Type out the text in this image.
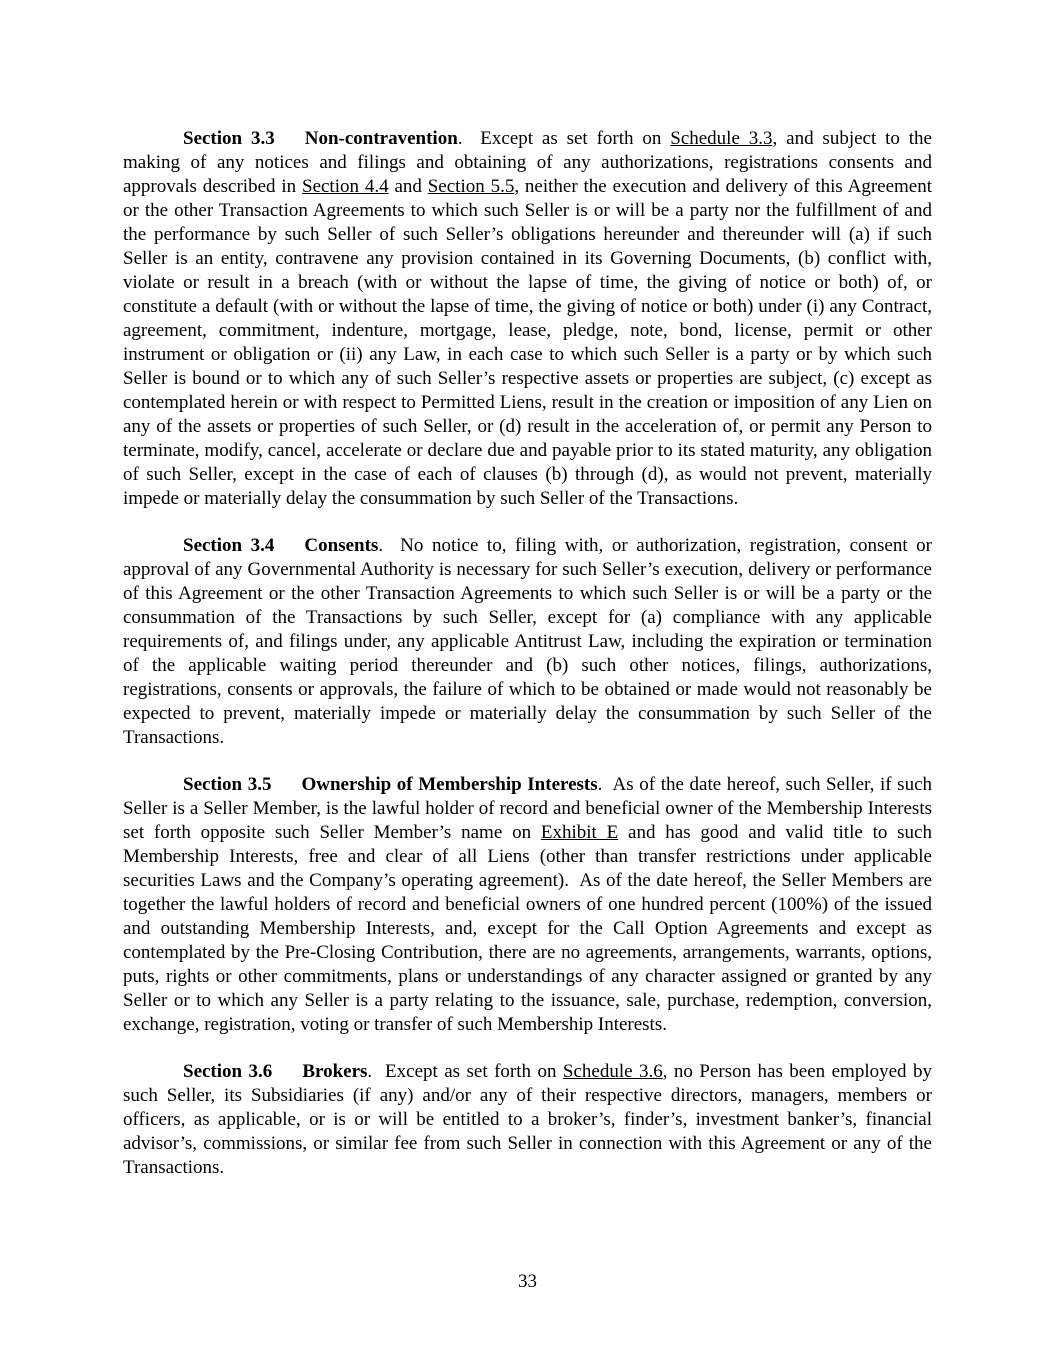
Section 3.3 Non-contravention.  Except as set forth on Schedule 3.3, and subject to the making of any notices and filings and obtaining of any authorizations, registrations consents and approvals described in Section 4.4 and Section 5.5, neither the execution and delivery of this Agreement or the other Transaction Agreements to which such Seller is or will be a party nor the fulfillment of and the performance by such Seller of such Seller’s obligations hereunder and thereunder will (a) if such Seller is an entity, contravene any provision contained in its Governing Documents, (b) conflict with, violate or result in a breach (with or without the lapse of time, the giving of notice or both) of, or constitute a default (with or without the lapse of time, the giving of notice or both) under (i) any Contract, agreement, commitment, indenture, mortgage, lease, pledge, note, bond, license, permit or other instrument or obligation or (ii) any Law, in each case to which such Seller is a party or by which such Seller is bound or to which any of such Seller’s respective assets or properties are subject, (c) except as contemplated herein or with respect to Permitted Liens, result in the creation or imposition of any Lien on any of the assets or properties of such Seller, or (d) result in the acceleration of, or permit any Person to terminate, modify, cancel, accelerate or declare due and payable prior to its stated maturity, any obligation of such Seller, except in the case of each of clauses (b) through (d), as would not prevent, materially impede or materially delay the consummation by such Seller of the Transactions.

Section 3.4 Consents.  No notice to, filing with, or authorization, registration, consent or approval of any Governmental Authority is necessary for such Seller’s execution, delivery or performance of this Agreement or the other Transaction Agreements to which such Seller is or will be a party or the consummation of the Transactions by such Seller, except for (a) compliance with any applicable requirements of, and filings under, any applicable Antitrust Law, including the expiration or termination of the applicable waiting period thereunder and (b) such other notices, filings, authorizations, registrations, consents or approvals, the failure of which to be obtained or made would not reasonably be expected to prevent, materially impede or materially delay the consummation by such Seller of the Transactions.

Section 3.5 Ownership of Membership Interests.  As of the date hereof, such Seller, if such Seller is a Seller Member, is the lawful holder of record and beneficial owner of the Membership Interests set forth opposite such Seller Member’s name on Exhibit E and has good and valid title to such Membership Interests, free and clear of all Liens (other than transfer restrictions under applicable securities Laws and the Company’s operating agreement).  As of the date hereof, the Seller Members are together the lawful holders of record and beneficial owners of one hundred percent (100%) of the issued and outstanding Membership Interests, and, except for the Call Option Agreements and except as contemplated by the Pre-Closing Contribution, there are no agreements, arrangements, warrants, options, puts, rights or other commitments, plans or understandings of any character assigned or granted by any Seller or to which any Seller is a party relating to the issuance, sale, purchase, redemption, conversion, exchange, registration, voting or transfer of such Membership Interests.

Section 3.6 Brokers.  Except as set forth on Schedule 3.6, no Person has been employed by such Seller, its Subsidiaries (if any) and/or any of their respective directors, managers, members or officers, as applicable, or is or will be entitled to a broker’s, finder’s, investment banker’s, financial advisor’s, commissions, or similar fee from such Seller in connection with this Agreement or any of the Transactions.

33
